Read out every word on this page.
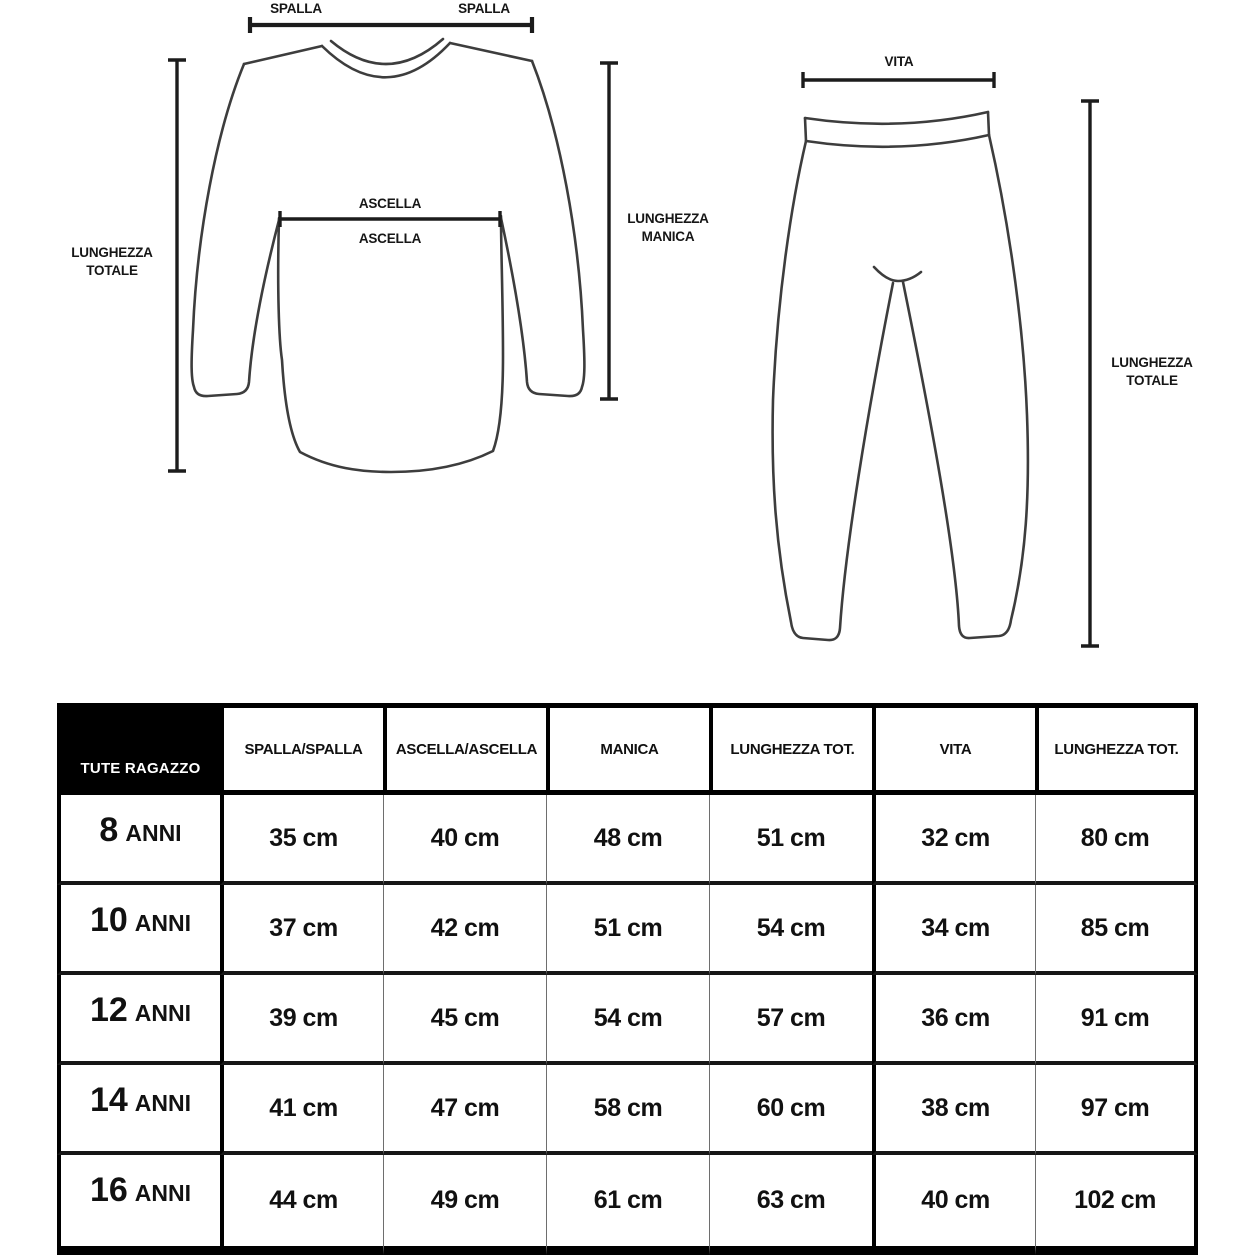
SPALLA	SPALLA
ASCELLA
ASCELLA
LUNGHEZZA
TOTALE
LUNGHEZZA
MANICA
VITA
LUNGHEZZA
TOTALE
TUTE RAGAZZO
SPALLA/SPALLA	ASCELLA/ASCELLA	MANICA	LUNGHEZZA TOT.	VITA	LUNGHEZZA TOT.
8 ANNI	35 cm	40 cm	48 cm	51 cm	32 cm	80 cm
10 ANNI	37 cm	42 cm	51 cm	54 cm	34 cm	85 cm
12 ANNI	39 cm	45 cm	54 cm	57 cm	36 cm	91 cm
14 ANNI	41 cm	47 cm	58 cm	60 cm	38 cm	97 cm
16 ANNI	44 cm	49 cm	61 cm	63 cm	40 cm	102 cm
